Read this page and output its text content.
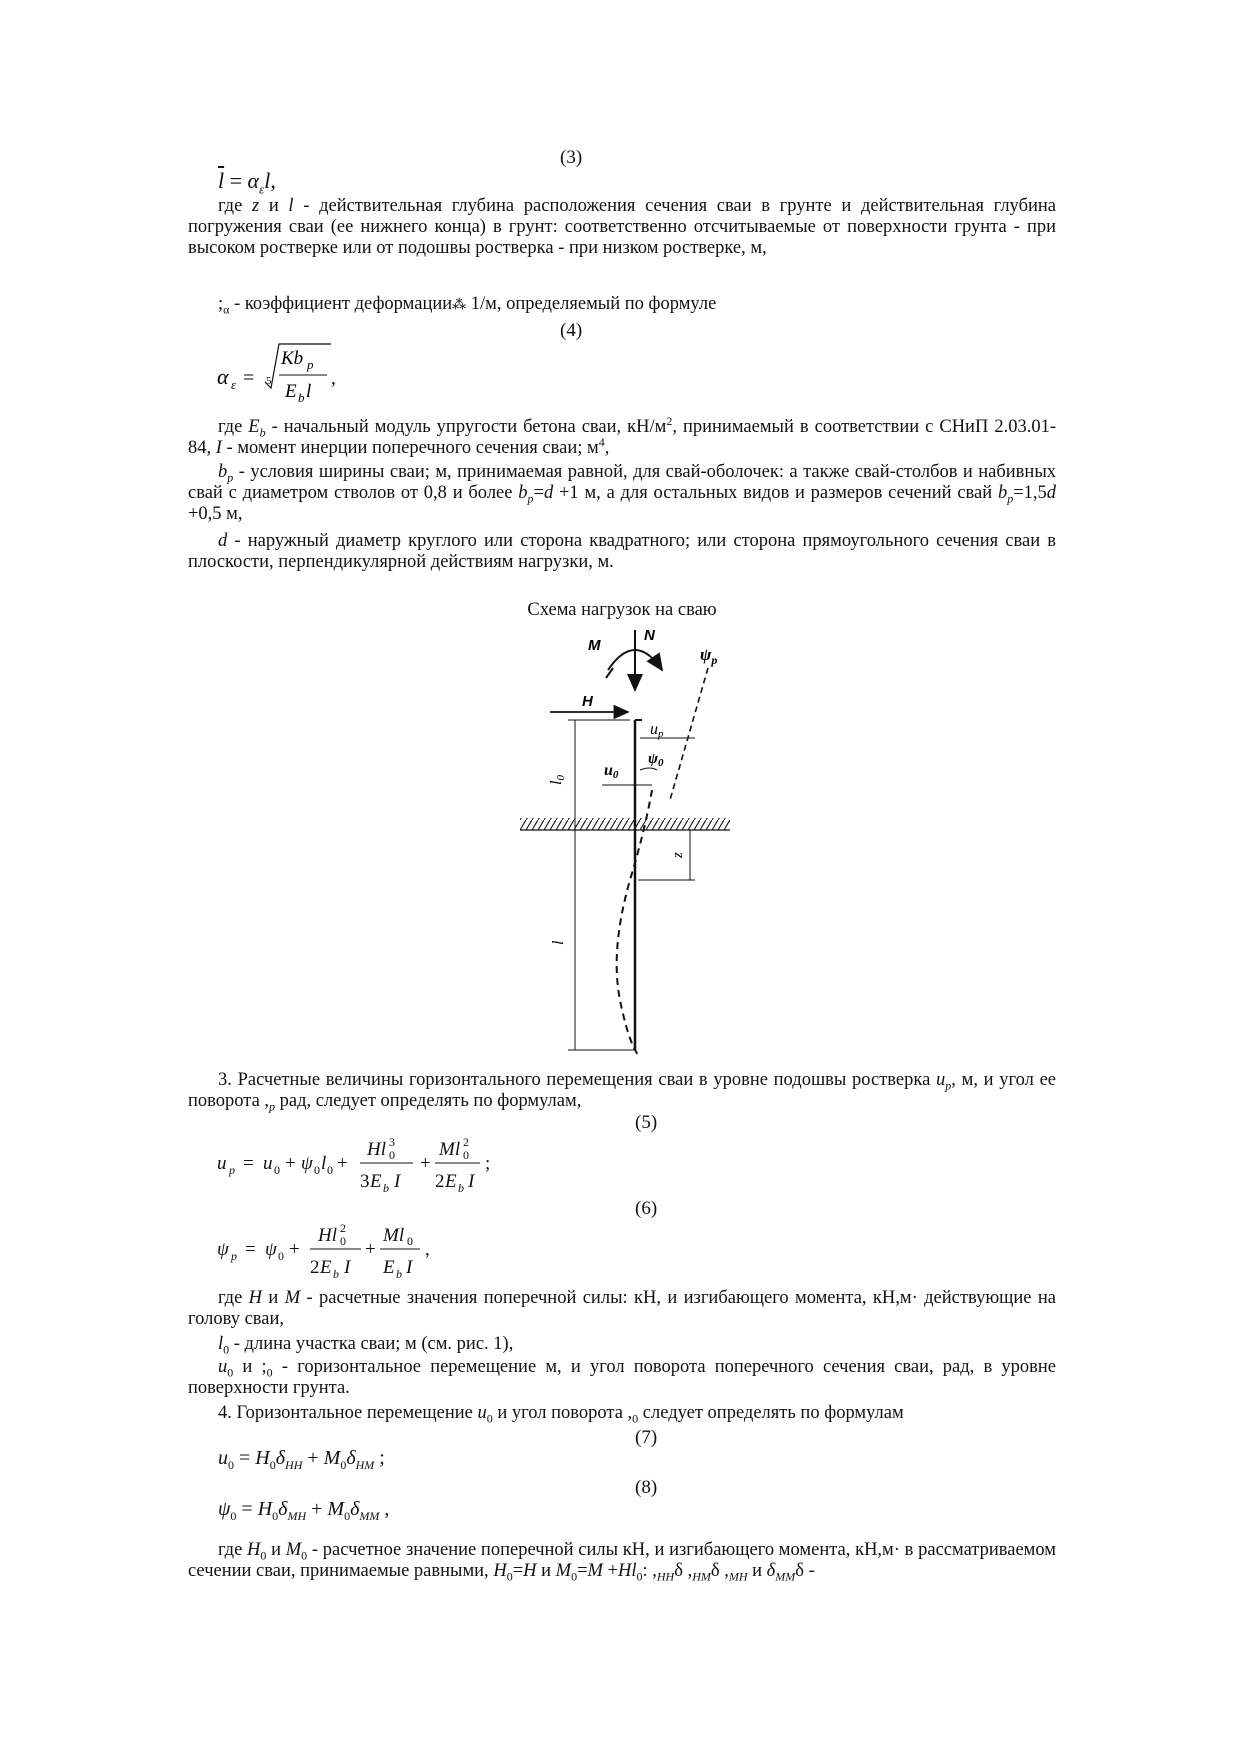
(3)
$\overline{l} = \alpha_\varepsilon l$,

где z и l - действительная глубина расположения сечения сваи в грунте и действительная глубина погружения сваи (ее нижнего конца) в грунт: соответственно отсчитываемые от поверхности грунта - при высоком ростверке или от подошвы ростверка - при низком ростверке, м,

$;_\alpha$ - коэффициент деформации⁂ 1/м, определяемый по формуле

(4)
α ε = 5
Kb p
E b l
,

где $E_b$ - начальный модуль упругости бетона сваи, $кН/м^2$, принимаемый в соответствии с СНиП 2.03.01-84, I - момент инерции поперечного сечения сваи; $м^4$,

$b_p$ - условия ширины сваи; м, принимаемая равной, для свай-оболочек: а также свай-столбов и набивных свай с диаметром стволов от 0,8 и более $b_p=d +1$ м, а для остальных видов и размеров сечений свай $b_p=1,5d +0,5$ м,

d - наружный диаметр круглого или сторона квадратного; или сторона прямоугольного сечения сваи в плоскости, перпендикулярной действиям нагрузки, м.

Схема нагрузок на сваю
N
M	$\psi_p$
H
l0
l
up
$\psi_0$
u0
z

3. Расчетные величины горизонтального перемещения сваи в уровне подошвы ростверка $u_p$, м, и угол ее поворота $,_p$ рад, следует определять по формулам,

(5)
u p = u 0 + ψ 0 l 0 +
Hl 3
0
3 E b I
+
Ml 2
0
2 E b I
;
(6)
ψ p = ψ 0 +
Hl 2
0
2 E b I
+
Ml 0
E b I
,

где H и M - расчетные значения поперечной силы: кН, и изгибающего момента, кН,м· действующие на голову сваи,

$l_0$ - длина участка сваи; м (см. рис. 1),

$u_0$ и $;_0$ - горизонтальное перемещение м, и угол поворота поперечного сечения сваи, рад, в уровне поверхности грунта.

4. Горизонтальное перемещение $u_0$ и угол поворота $,_0$ следует определять по формулам

(7)
$u_0 = H_0\delta_{HH} + M_0\delta_{HM}$ ;
(8)
$\psi_0 = H_0\delta_{MH} + M_0\delta_{MM}$ ,

где $H_0$ и $M_0$ - расчетное значение поперечной силы кН, и изгибающего момента, кН,м· в рассматриваемом сечении сваи, принимаемые равными, $H_0=H$ и $M_0=M +Hl_0$: $,_{HH}\delta$ $,_{HM}\delta$ $,_{MH}$ и $\delta_{MM}\delta$ -
